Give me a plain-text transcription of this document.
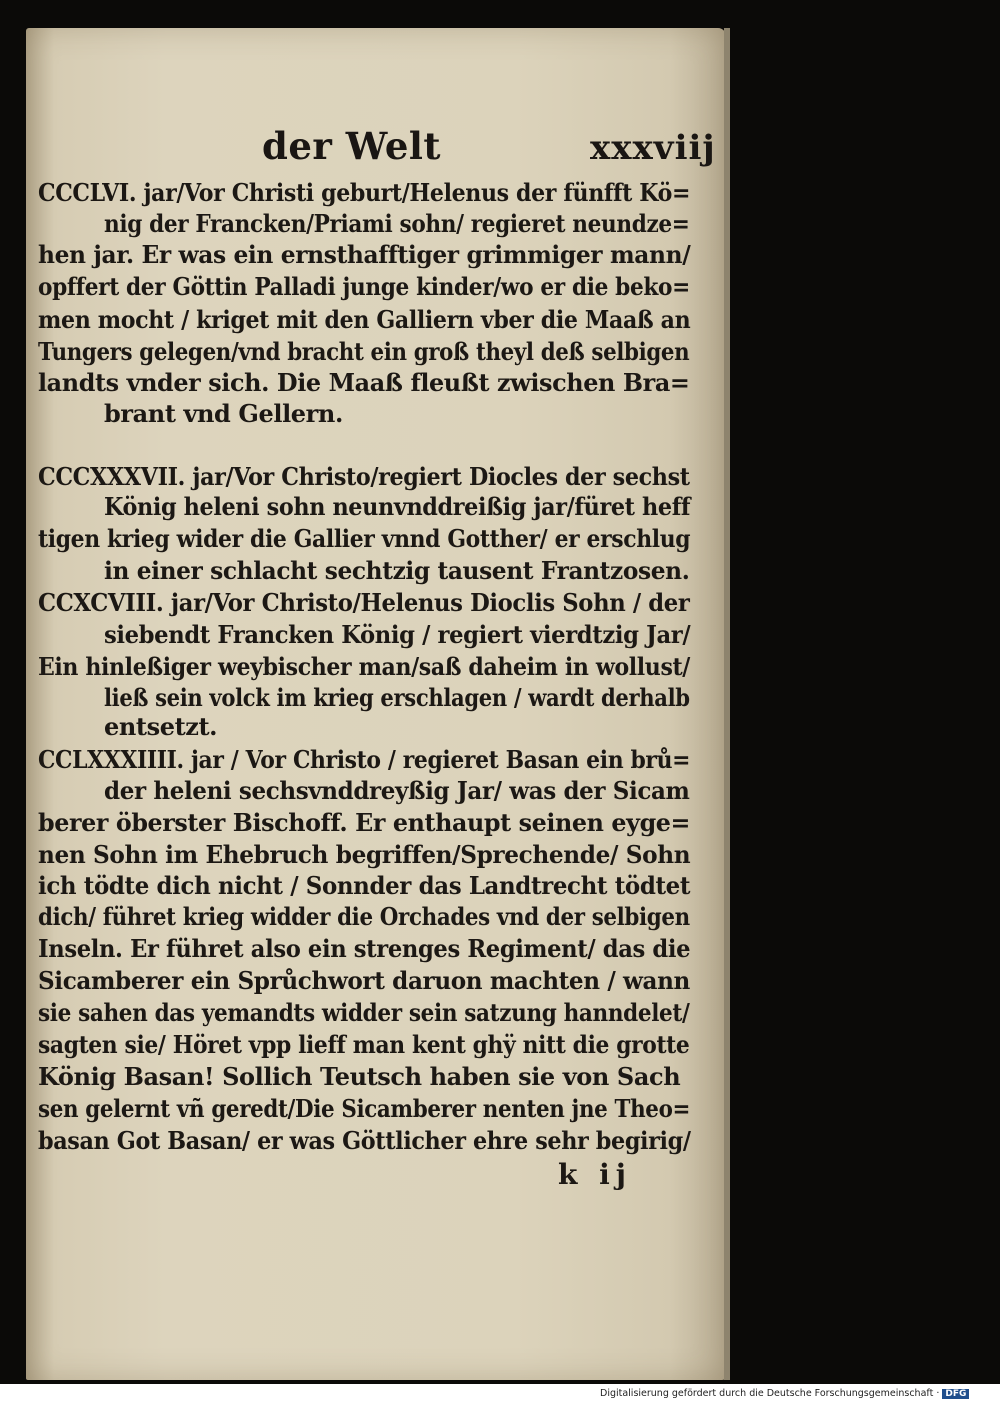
der Welt	xxxviij
CCCLVI. jar/Vor Christi geburt/Helenus der fünfft Kö=
nig der Francken/Priami sohn/ regieret neundze=
hen jar. Er was ein ernsthafftiger grimmiger mann/
opffert der Göttin Palladi junge kinder/wo er die beko=
men mocht / kriget mit den Galliern vber die Maaß an
Tungers gelegen/vnd bracht ein groß theyl deß selbigen
landts vnder sich. Die Maaß fleußt zwischen Bra=
brant vnd Gellern.
CCCXXXVII. jar/Vor Christo/regiert Diocles der sechst
König heleni sohn neunvnddreißig jar/füret heff
tigen krieg wider die Gallier vnnd Gotther/ er erschlug
in einer schlacht sechtzig tausent Frantzosen.
CCXCVIII. jar/Vor Christo/Helenus Dioclis Sohn / der
siebendt Francken König / regiert vierdtzig Jar/
Ein hinleßiger weybischer man/saß daheim in wollust/
ließ sein volck im krieg erschlagen / wardt derhalb
entsetzt.
CCLXXXIIII. jar / Vor Christo / regieret Basan ein brů=
der heleni sechsvnddreyßig Jar/ was der Sicam
berer öberster Bischoff. Er enthaupt seinen eyge=
nen Sohn im Ehebruch begriffen/Sprechende/ Sohn
ich tödte dich nicht / Sonnder das Landtrecht tödtet
dich/ führet krieg widder die Orchades vnd der selbigen
Inseln. Er führet also ein strenges Regiment/ das die
Sicamberer ein Sprůchwort daruon machten / wann
sie sahen das yemandts widder sein satzung hanndelet/
sagten sie/ Höret vpp lieff man kent ghÿ nitt die grotte
König Basan! Sollich Teutsch haben sie von Sach
sen gelernt vñ geredt/Die Sicamberer nenten jne Theo=
basan Got Basan/ er was Göttlicher ehre sehr begirig/
k ij
Digitalisierung gefördert durch die Deutsche Forschungsgemeinschaft · DFG
